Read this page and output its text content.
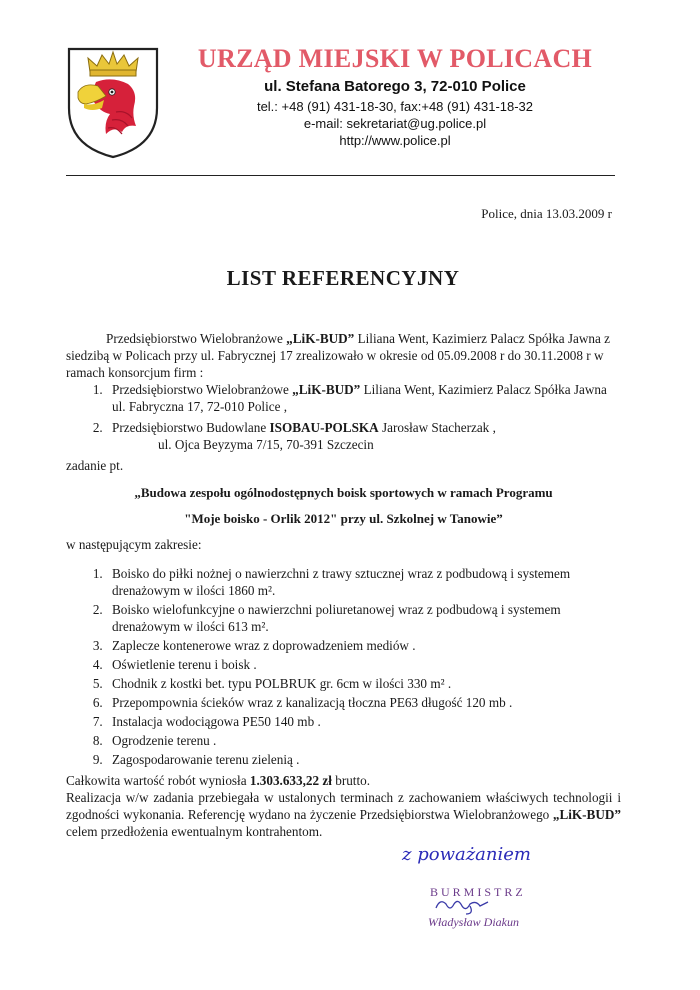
URZĄD MIEJSKI W POLICACH
ul. Stefana Batorego 3, 72-010 Police
tel.: +48 (91) 431-18-30, fax:+48 (91) 431-18-32
e-mail: sekretariat@ug.police.pl
http://www.police.pl
Police, dnia 13.03.2009 r
LIST REFERENCYJNY

Przedsiębiorstwo Wielobranżowe „LiK-BUD” Liliana Went, Kazimierz Palacz Spółka Jawna z siedzibą w Policach przy ul. Fabrycznej 17 zrealizowało w okresie od 05.09.2008 r do 30.11.2008 r w ramach konsorcjum firm :

1. Przedsiębiorstwo Wielobranżowe „LiK-BUD” Liliana Went, Kazimierz Palacz Spółka Jawna ul. Fabryczna 17, 72-010 Police ,
2. Przedsiębiorstwo Budowlane ISOBAU-POLSKA Jarosław Stacherzak ,
ul. Ojca Beyzyma 7/15, 70-391 Szczecin

zadanie pt.

„Budowa zespołu ogólnodostępnych boisk sportowych w ramach Programu

"Moje boisko - Orlik 2012" przy ul. Szkolnej w Tanowie”

w następującym zakresie:

1. Boisko do piłki nożnej o nawierzchni z trawy sztucznej wraz z podbudową i systemem drenażowym w ilości 1860 m².
2. Boisko wielofunkcyjne o nawierzchni poliuretanowej wraz z podbudową i systemem drenażowym w ilości 613 m².
3. Zaplecze kontenerowe wraz z doprowadzeniem mediów .
4. Oświetlenie terenu i boisk .
5. Chodnik z kostki bet. typu POLBRUK gr. 6cm w ilości 330 m² .
6. Przepompownia ścieków wraz z kanalizacją tłoczna PE63 długość 120 mb .
7. Instalacja wodociągowa PE50 140 mb .
8. Ogrodzenie terenu .
9. Zagospodarowanie terenu zielenią .

Całkowita wartość robót wyniosła 1.303.633,22 zł brutto.

Realizacja w/w zadania przebiegała w ustalonych terminach z zachowaniem właściwych technologii i zgodności wykonania. Referencję wydano na życzenie Przedsiębiorstwa Wielobranżowego „LiK-BUD” celem przedłożenia ewentualnym kontrahentom.

z poważaniem
BURMISTRZ
Władysław Diakun
